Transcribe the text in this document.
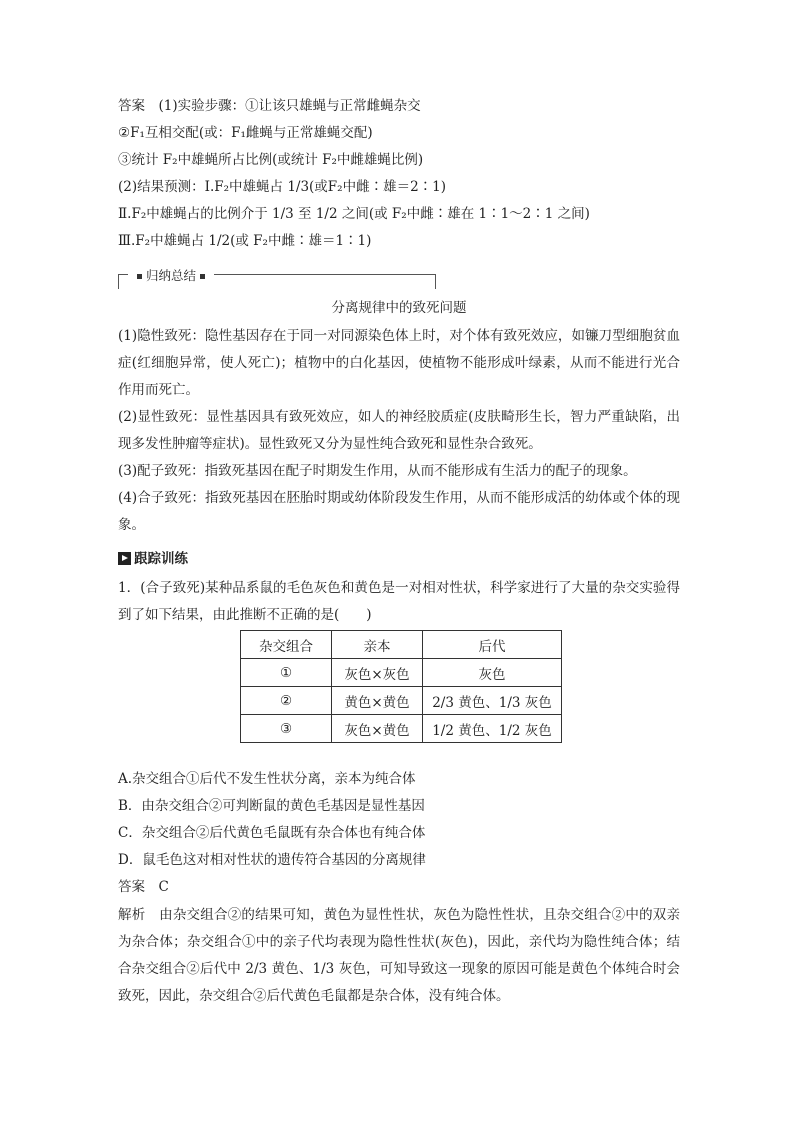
答案　(1)实验步骤：①让该只雄蝇与正常雌蝇杂交
②F₁互相交配(或：F₁雌蝇与正常雄蝇交配)
③统计 F₂中雄蝇所占比例(或统计 F₂中雌雄蝇比例)
(2)结果预测：Ⅰ.F₂中雄蝇占 1/3(或F₂中雌∶雄＝2∶1)
Ⅱ.F₂中雄蝇占的比例介于 1/3 至 1/2 之间(或 F₂中雌∶雄在 1∶1～2∶1 之间)
Ⅲ.F₂中雄蝇占 1/2(或 F₂中雌∶雄＝1∶1)
归纳总结
分离规律中的致死问题
(1)隐性致死：隐性基因存在于同一对同源染色体上时，对个体有致死效应，如镰刀型细胞贫血症(红细胞异常，使人死亡)；植物中的白化基因，使植物不能形成叶绿素，从而不能进行光合作用而死亡。
(2)显性致死：显性基因具有致死效应，如人的神经胶质症(皮肤畸形生长，智力严重缺陷，出现多发性肿瘤等症状)。显性致死又分为显性纯合致死和显性杂合致死。
(3)配子致死：指致死基因在配子时期发生作用，从而不能形成有生活力的配子的现象。
(4)合子致死：指致死基因在胚胎时期或幼体阶段发生作用，从而不能形成活的幼体或个体的现象。
跟踪训练
1．(合子致死)某种品系鼠的毛色灰色和黄色是一对相对性状，科学家进行了大量的杂交实验得到了如下结果，由此推断不正确的是(　　)
杂交组合	亲本	后代
①	灰色×灰色	灰色
②	黄色×黄色	2/3 黄色、1/3 灰色
③	灰色×黄色	1/2 黄色、1/2 灰色
A.杂交组合①后代不发生性状分离，亲本为纯合体
B．由杂交组合②可判断鼠的黄色毛基因是显性基因
C．杂交组合②后代黄色毛鼠既有杂合体也有纯合体
D．鼠毛色这对相对性状的遗传符合基因的分离规律
答案　C
解析　由杂交组合②的结果可知，黄色为显性性状，灰色为隐性性状，且杂交组合②中的双亲为杂合体；杂交组合①中的亲子代均表现为隐性性状(灰色)，因此，亲代均为隐性纯合体；结合杂交组合②后代中 2/3 黄色、1/3 灰色，可知导致这一现象的原因可能是黄色个体纯合时会致死，因此，杂交组合②后代黄色毛鼠都是杂合体，没有纯合体。
